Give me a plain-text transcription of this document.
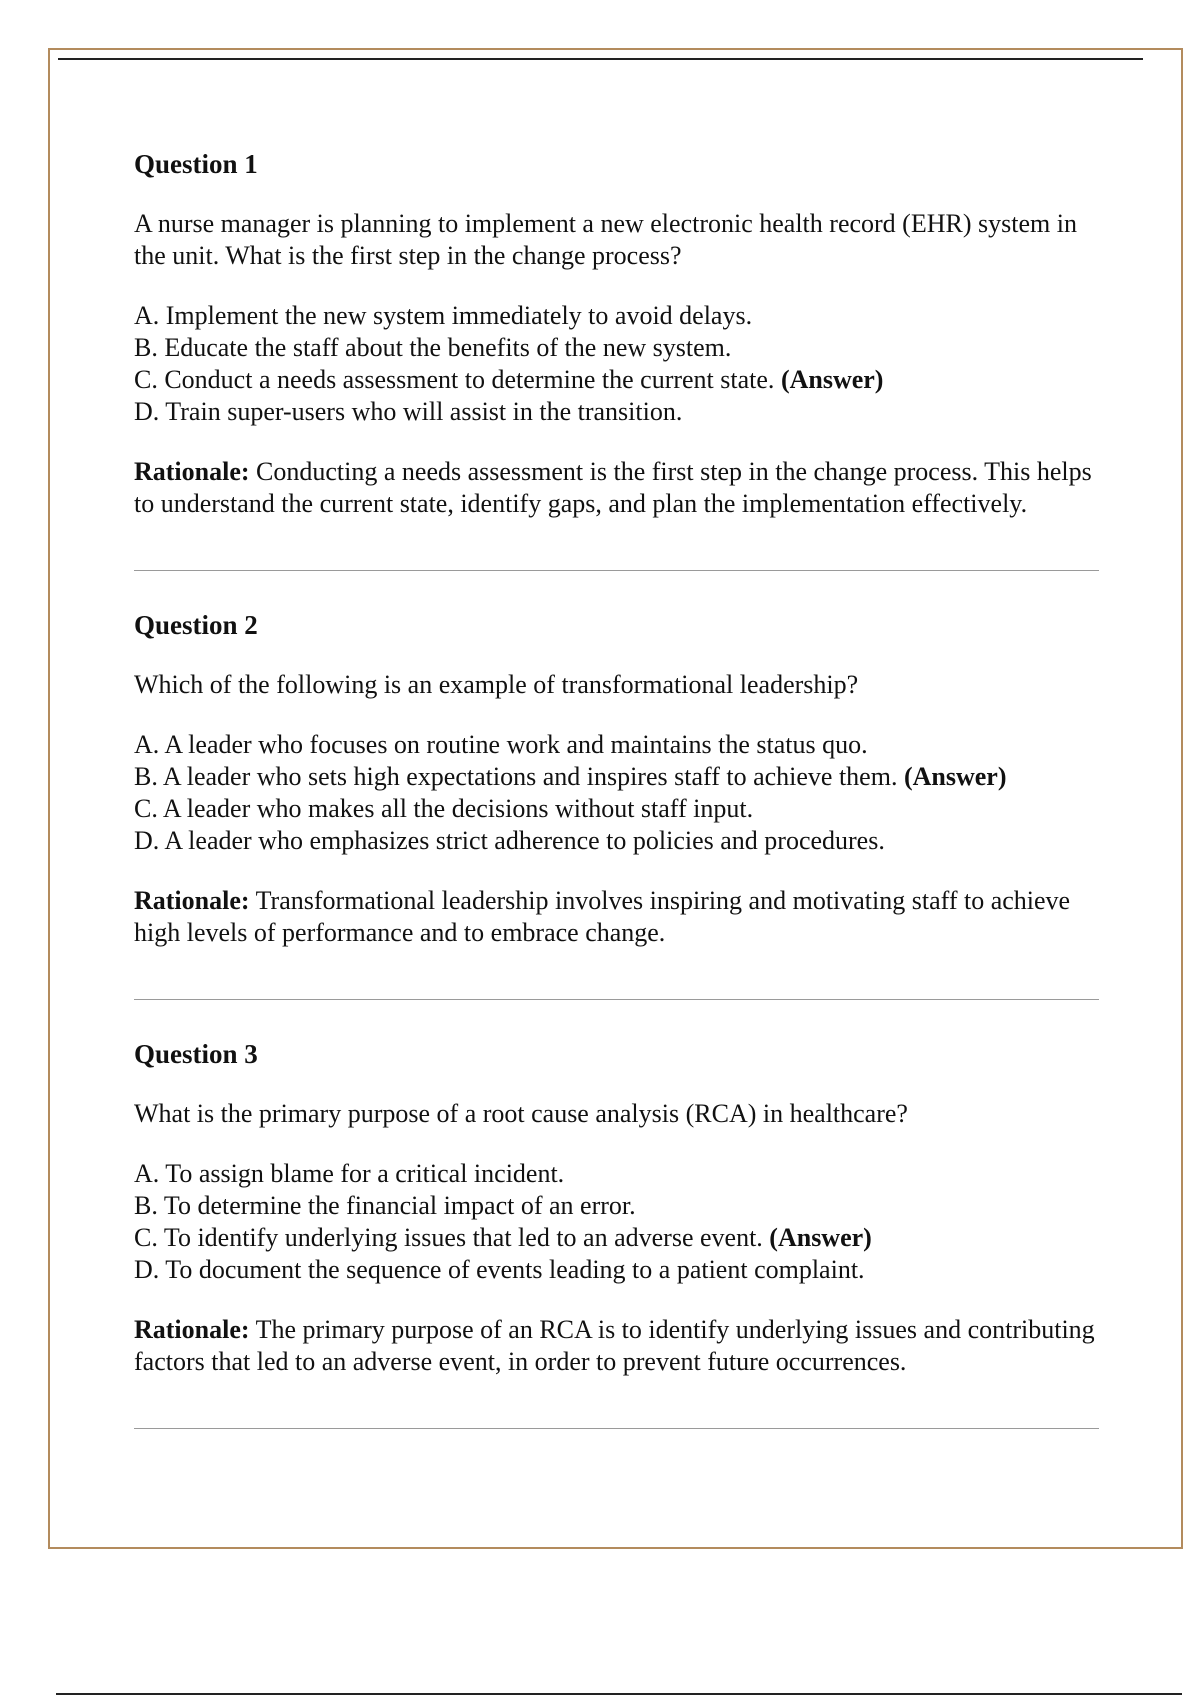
Question 1

A nurse manager is planning to implement a new electronic health record (EHR) system in the unit. What is the first step in the change process?

A. Implement the new system immediately to avoid delays.
B. Educate the staff about the benefits of the new system.
C. Conduct a needs assessment to determine the current state. (Answer)
D. Train super-users who will assist in the transition.

Rationale: Conducting a needs assessment is the first step in the change process. This helps to understand the current state, identify gaps, and plan the implementation effectively.

Question 2

Which of the following is an example of transformational leadership?

A. A leader who focuses on routine work and maintains the status quo.
B. A leader who sets high expectations and inspires staff to achieve them. (Answer)
C. A leader who makes all the decisions without staff input.
D. A leader who emphasizes strict adherence to policies and procedures.

Rationale: Transformational leadership involves inspiring and motivating staff to achieve high levels of performance and to embrace change.

Question 3

What is the primary purpose of a root cause analysis (RCA) in healthcare?

A. To assign blame for a critical incident.
B. To determine the financial impact of an error.
C. To identify underlying issues that led to an adverse event. (Answer)
D. To document the sequence of events leading to a patient complaint.

Rationale: The primary purpose of an RCA is to identify underlying issues and contributing factors that led to an adverse event, in order to prevent future occurrences.
